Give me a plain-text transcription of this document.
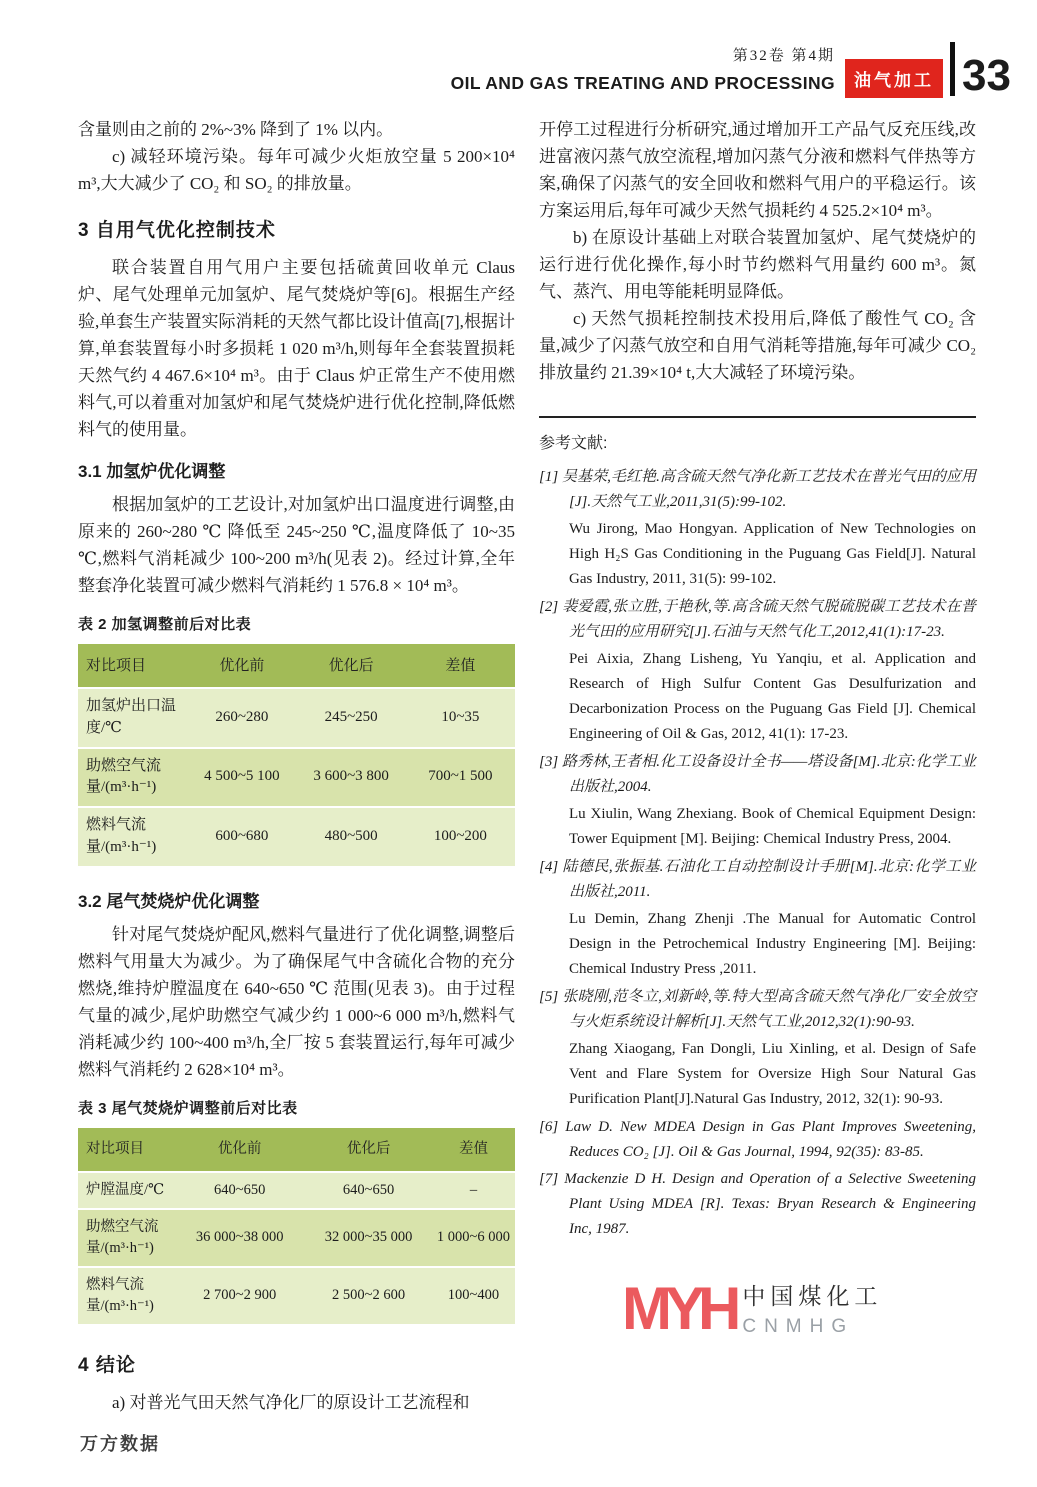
第32卷 第4期
OIL AND GAS TREATING AND PROCESSING	油气加工 33

含量则由之前的 2%~3% 降到了 1% 以内。

c) 减轻环境污染。每年可减少火炬放空量 5 200×10⁴ m³,大大减少了 CO₂ 和 SO₂ 的排放量。

3 自用气优化控制技术

联合装置自用气用户主要包括硫黄回收单元 Claus 炉、尾气处理单元加氢炉、尾气焚烧炉等[6]。根据生产经验,单套生产装置实际消耗的天然气都比设计值高[7],根据计算,单套装置每小时多损耗 1 020 m³/h,则每年全套装置损耗天然气约 4 467.6×10⁴ m³。由于 Claus 炉正常生产不使用燃料气,可以着重对加氢炉和尾气焚烧炉进行优化控制,降低燃料气的使用量。

3.1 加氢炉优化调整

根据加氢炉的工艺设计,对加氢炉出口温度进行调整,由原来的 260~280 ℃ 降低至 245~250 ℃,温度降低了 10~35 ℃,燃料气消耗减少 100~200 m³/h(见表 2)。经过计算,全年整套净化装置可减少燃料气消耗约 1 576.8 × 10⁴ m³。

表 2 加氢调整前后对比表
对比项目	优化前	优化后	差值
加氢炉出口温度/℃	260~280	245~250	10~35
助燃空气流量/(m³·h⁻¹)	4 500~5 100	3 600~3 800	700~1 500
燃料气流量/(m³·h⁻¹)	600~680	480~500	100~200
3.2 尾气焚烧炉优化调整

针对尾气焚烧炉配风,燃料气量进行了优化调整,调整后燃料气用量大为减少。为了确保尾气中含硫化合物的充分燃烧,维持炉膛温度在 640~650 ℃ 范围(见表 3)。由于过程气量的减少,尾炉助燃空气减少约 1 000~6 000 m³/h,燃料气消耗减少约 100~400 m³/h,全厂按 5 套装置运行,每年可减少燃料气消耗约 2 628×10⁴ m³。

表 3 尾气焚烧炉调整前后对比表
对比项目	优化前	优化后	差值
炉膛温度/℃	640~650	640~650	–
助燃空气流量/(m³·h⁻¹)	36 000~38 000	32 000~35 000	1 000~6 000
燃料气流量/(m³·h⁻¹)	2 700~2 900	2 500~2 600	100~400
4 结论

a) 对普光气田天然气净化厂的原设计工艺流程和

开停工过程进行分析研究,通过增加开工产品气反充压线,改进富液闪蒸气放空流程,增加闪蒸气分液和燃料气伴热等方案,确保了闪蒸气的安全回收和燃料气用户的平稳运行。该方案运用后,每年可减少天然气损耗约 4 525.2×10⁴ m³。

b) 在原设计基础上对联合装置加氢炉、尾气焚烧炉的运行进行优化操作,每小时节约燃料气用量约 600 m³。氮气、蒸汽、用电等能耗明显降低。

c) 天然气损耗控制技术投用后,降低了酸性气 CO₂ 含量,减少了闪蒸气放空和自用气消耗等措施,每年可减少 CO₂ 排放量约 21.39×10⁴ t,大大减轻了环境污染。

参考文献:

[1] 吴基荣,毛红艳.高含硫天然气净化新工艺技术在普光气田的应用[J].天然气工业,2011,31(5):99-102.

Wu Jirong, Mao Hongyan. Application of New Technologies on High H₂S Gas Conditioning in the Puguang Gas Field[J]. Natural Gas Industry, 2011, 31(5): 99-102.

[2] 裴爱霞,张立胜,于艳秋,等.高含硫天然气脱硫脱碳工艺技术在普光气田的应用研究[J].石油与天然气化工,2012,41(1):17-23.

Pei Aixia, Zhang Lisheng, Yu Yanqiu, et al. Application and Research of High Sulfur Content Gas Desulfurization and Decarbonization Process on the Puguang Gas Field [J]. Chemical Engineering of Oil & Gas, 2012, 41(1): 17-23.

[3] 路秀林,王者相.化工设备设计全书——塔设备[M].北京:化学工业出版社,2004.

Lu Xiulin, Wang Zhexiang. Book of Chemical Equipment Design: Tower Equipment [M]. Beijing: Chemical Industry Press, 2004.

[4] 陆德民,张振基.石油化工自动控制设计手册[M].北京:化学工业出版社,2011.

Lu Demin, Zhang Zhenji .The Manual for Automatic Control Design in the Petrochemical Industry Engineering [M]. Beijing: Chemical Industry Press ,2011.

[5] 张晓刚,范冬立,刘新岭,等.特大型高含硫天然气净化厂安全放空与火炬系统设计解析[J].天然气工业,2012,32(1):90-93.

Zhang Xiaogang, Fan Dongli, Liu Xinling, et al. Design of Safe Vent and Flare System for Oversize High Sour Natural Gas Purification Plant[J].Natural Gas Industry, 2012, 32(1): 90-93.

[6] Law D. New MDEA Design in Gas Plant Improves Sweetening, Reduces CO₂ [J]. Oil & Gas Journal, 1994, 92(35): 83-85.

[7] Mackenzie D H. Design and Operation of a Selective Sweetening Plant Using MDEA [R]. Texas: Bryan Research & Engineering Inc, 1987.

MYH 中国煤化工
CNMHG
万方数据
